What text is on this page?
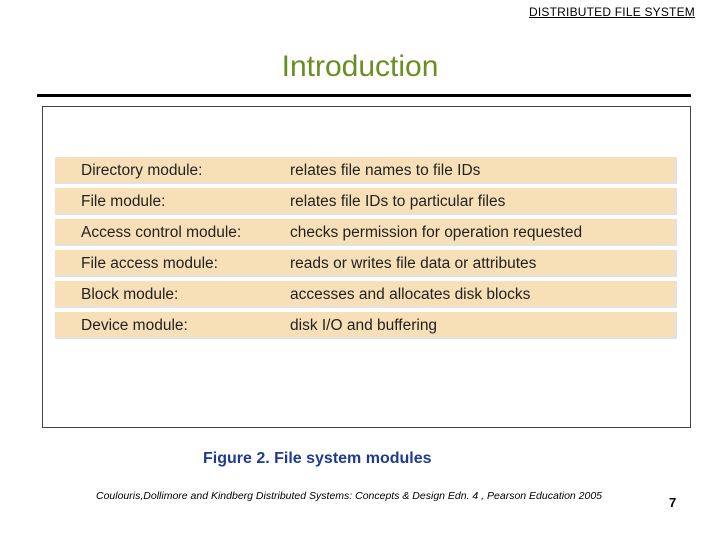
DISTRIBUTED FILE SYSTEM
Introduction
Directory module:	relates file names to file IDs
File module:	relates file IDs to particular files
Access control module:	checks permission for operation requested
File access module:	reads or writes file data or attributes
Block module:	accesses and allocates disk blocks
Device module:	disk I/O and buffering
Figure 2. File system modules
Coulouris,Dollimore and Kindberg Distributed Systems: Concepts & Design Edn. 4 , Pearson Education 2005	7
